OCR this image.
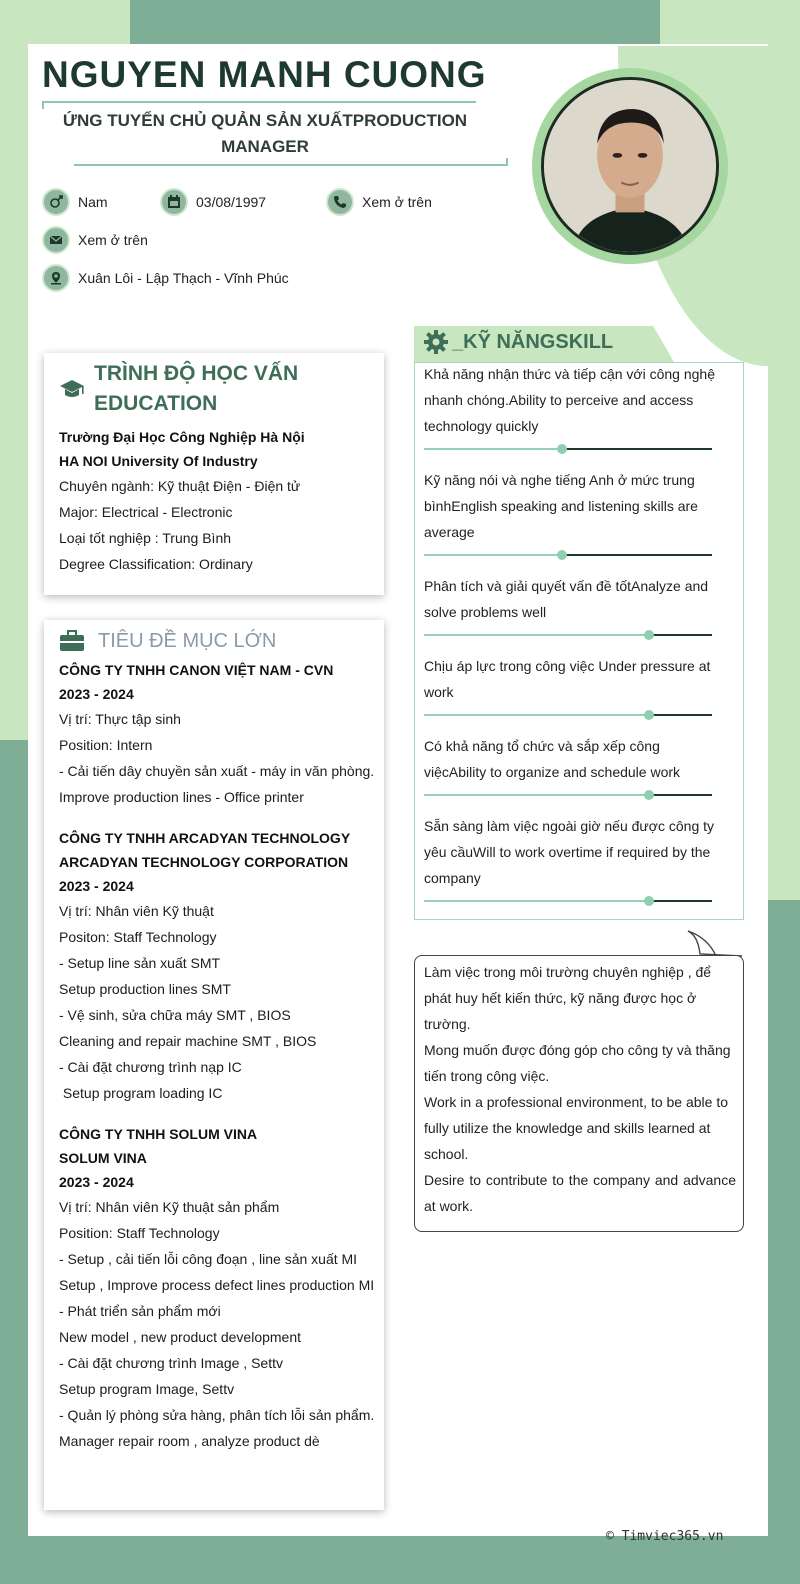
NGUYEN MANH CUONG
ỨNG TUYỂN CHỦ QUẢN SẢN XUẤTPRODUCTION MANAGER
Nam	03/08/1997	Xem ở trên
Xem ở trên
Xuân Lôi - Lập Thạch - Vĩnh Phúc
TRÌNH ĐỘ HỌC VẤN
EDUCATION
Trường Đại Học Công Nghiệp Hà Nội
HA NOI University Of Industry
Chuyên ngành: Kỹ thuật Điện - Điện tử
Major: Electrical - Electronic
Loại tốt nghiệp : Trung Bình
Degree Classification: Ordinary
TIÊU ĐỀ MỤC LỚN
CÔNG TY TNHH CANON VIỆT NAM - CVN
2023 - 2024
Vị trí: Thực tập sinh
Position: Intern
- Cải tiến dây chuyền sản xuất - máy in văn phòng.
Improve production lines - Office printer
CÔNG TY TNHH ARCADYAN TECHNOLOGY
ARCADYAN TECHNOLOGY CORPORATION
2023 - 2024
Vị trí: Nhân viên Kỹ thuật
Positon: Staff Technology
- Setup line sản xuất SMT
Setup production lines SMT
- Vệ sinh, sửa chữa máy SMT , BIOS
Cleaning and repair machine SMT , BIOS
- Cài đặt chương trình nạp IC
Setup program loading IC
CÔNG TY TNHH SOLUM VINA
SOLUM VINA
2023 - 2024
Vị trí: Nhân viên Kỹ thuật sản phẩm
Position: Staff Technology
- Setup , cải tiến lỗi công đoạn , line sản xuất MI
Setup , Improve process defect lines production MI
- Phát triển sản phẩm mới
New model , new product development
- Cài đặt chương trình Image , Settv
Setup program Image, Settv
- Quản lý phòng sửa hàng, phân tích lỗi sản phẩm.
Manager repair room , analyze product dè
_KỸ NĂNGSKILL
Khả năng nhận thức và tiếp cận với công nghệ nhanh chóng.Ability to perceive and access technology quickly
Kỹ năng nói và nghe tiếng Anh ở mức trung bìnhEnglish speaking and listening skills are average
Phân tích và giải quyết vấn đề tốtAnalyze and solve problems well
Chịu áp lực trong công việc Under pressure at work
Có khả năng tổ chức và sắp xếp công việcAbility to organize and schedule work
Sẵn sàng làm việc ngoài giờ nếu được công ty yêu cầuWill to work overtime if required by the company
Làm việc trong môi trường chuyên nghiệp , để phát huy hết kiến thức, kỹ năng được học ở trường.
Mong muốn được đóng góp cho công ty và thăng tiến trong công việc.
Work in a professional environment, to be able to fully utilize the knowledge and skills learned at school.
Desire to contribute to the company and advance at work.
© Timviec365.vn
